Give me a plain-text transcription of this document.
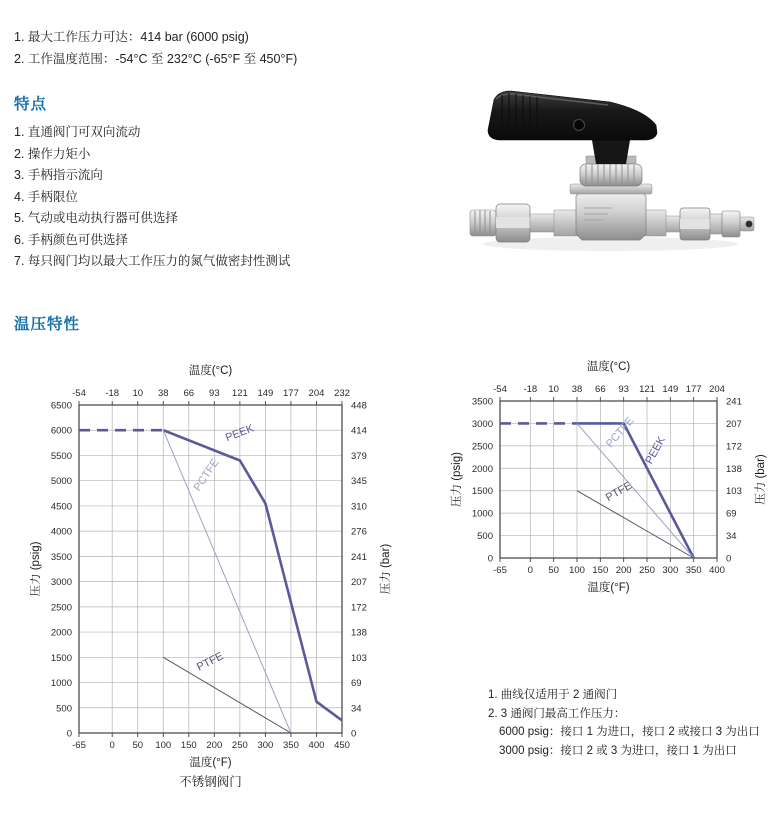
1. 最大工作压力可达：414 bar (6000 psig)
2. 工作温度范围：-54°C 至 232°C (-65°F 至 450°F)
特点
1. 直通阀门可双向流动
2. 操作力矩小
3. 手柄指示流向
4. 手柄限位
5. 气动或电动执行器可供选择
6. 手柄颜色可供选择
7. 每只阀门均以最大工作压力的氮气做密封性测试
温压特性
-65
-54
0
-18
50
10
100
38
150
66
200
93
250
121
300
149
350
177
400
204
450
232
6500	448
6000	414
5500	379
5000	345
4500	310
4000	276
3500	241
3000	207
2500	172
2000	138
1500	103
1000	69
500	34
0	0
温度(°C)
温度(°F)
不锈钢阀门
压力 (psig)	压力 (bar)
PEEK
PCTFE
PTFE
-65
-54
0
-18
50
10
100
38
150
66
200
93
250
121
300
149
350
177
400
204
3500	241
3000	207
2500	172
2000	138
1500	103
1000	69
500	34
0	0
温度(°C)
温度(°F)
压力 (psig)	压力 (bar)
PEEK
PCTFE
PTFE
1. 曲线仅适用于 2 通阀门
2. 3 通阀门最高工作压力：
6000 psig：接口 1 为进口，接口 2 或接口 3 为出口
3000 psig：接口 2 或 3 为进口，接口 1 为出口
